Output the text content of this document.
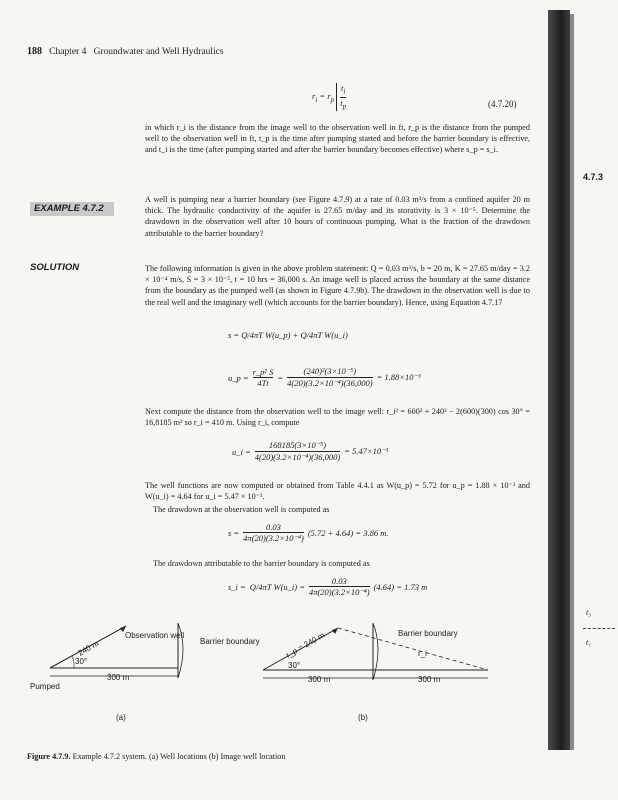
188 Chapter 4 Groundwater and Well Hydraulics
$r_i = r_p \frac{t_i}{t_p}$	(4.7.20)
in which r_i is the distance from the image well to the observation well in ft, r_p is the distance from the pumped well to the observation well in ft, t_p is the time after pumping started and before the barrier boundary is effective, and t_i is the time (after pumping started and after the barrier boundary becomes effective) where s_p = s_i.
EXAMPLE 4.7.2
A well is pumping near a barrier boundary (see Figure 4.7.9) at a rate of 0.03 m³/s from a confined aquifer 20 m thick. The hydraulic conductivity of the aquifer is 27.65 m/day and its storativity is 3 × 10⁻⁵. Determine the drawdown in the observation well after 10 hours of continuous pumping. What is the fraction of the drawdown attributable to the barrier boundary?
SOLUTION	The following information is given in the above problem statement: Q = 0.03 m³/s, b = 20 m, K = 27.65 m/day = 3.2 × 10⁻⁴ m/s, S = 3 × 10⁻⁵, t = 10 hrs = 36,000 s. An image well is placed across the boundary at the same distance from the boundary as the pumped well (as shown in Figure 4.7.9b). The drawdown in the observation well is due to the real well and the imaginary well (which accounts for the barrier boundary). Hence, using Equation 4.7.17
s = Q/4πT W(u_p) + Q/4πT W(u_i)
u_p = $\frac{\text{r\_p² S}}{4Tt} = \frac{\text{(240)²(3×10⁻⁵)}}{\text{4(20)(3.2×10⁻⁴)(36,000)}} = 1.88\times 10^{-3}$
Next compute the distance from the observation well to the image well: r_i² = 600² + 240² − 2(600)(300) cos 30° = 16,8185 m² so r_i = 410 m. Using r_i, compute
u_i = $\frac{\text{168185(3×10⁻⁵)}}{\text{4(20)(3.2×10⁻⁴)(36,000)}} = 5.47\times 10^{-3}$
The well functions are now computed or obtained from Table 4.4.1 as W(u_p) = 5.72 for u_p = 1.88 × 10⁻³ and W(u_i) = 4.64 for u_i = 5.47 × 10⁻³.
The drawdown at the observation well is computed as
$s = \frac{0.03}{\text{4π(20)(3.2×10⁻⁴)}} (5.72 + 4.64) = 3.86$ m.
The drawdown attributable to the barrier boundary is computed as
s_i = Q/4πT W(u_i) = $\frac{0.03}{\text{4π(20)(3.2×10⁻⁴)}} (4.64) = 1.73$ m
Pumped
Observation well
Barrier boundary
240 m
30°
300 m
(a)
Barrier boundary
r_p = 240 m	r_i
30°
300 m	300 m
(b)
Figure 4.7.9. Example 4.7.2 system. (a) Well locations (b) Image well location
4.7.3
t₃
t₁
